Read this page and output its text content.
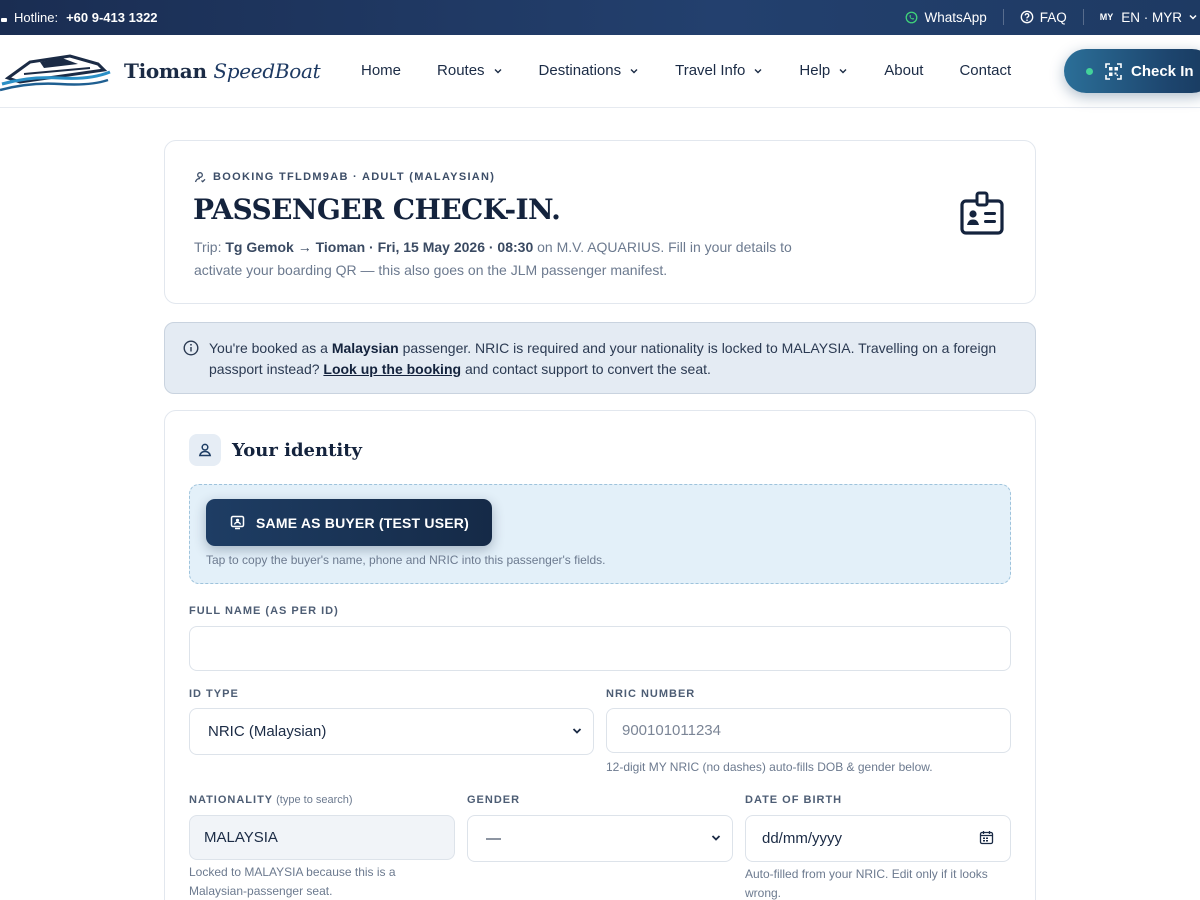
Hotline: +60 9-413 1322	WhatsApp	FAQ	MY EN · MYR
Tioman SpeedBoat	Home Routes	Destinations	Travel Info	Help	About Contact	Check In
BOOKING TFLDM9AB · ADULT (MALAYSIAN)
PASSENGER CHECK-IN.

Trip: Tg Gemok → Tioman · Fri, 15 May 2026 · 08:30 on M.V. AQUARIUS. Fill in your details to activate your boarding QR — this also goes on the JLM passenger manifest.

You're booked as a Malaysian passenger. NRIC is required and your nationality is locked to MALAYSIA. Travelling on a foreign passport instead? Look up the booking and contact support to convert the seat.
Your identity
SAME AS BUYER (TEST USER)
Tap to copy the buyer's name, phone and NRIC into this passenger's fields.
FULL NAME (AS PER ID)
ID TYPE
NRIC (Malaysian)
NRIC NUMBER
900101011234
12-digit MY NRIC (no dashes) auto-fills DOB & gender below.
NATIONALITY (type to search)
MALAYSIA
Locked to MALAYSIA because this is a Malaysian-passenger seat.
GENDER
—
DATE OF BIRTH
dd/mm/yyyy
Auto-filled from your NRIC. Edit only if it looks wrong.
